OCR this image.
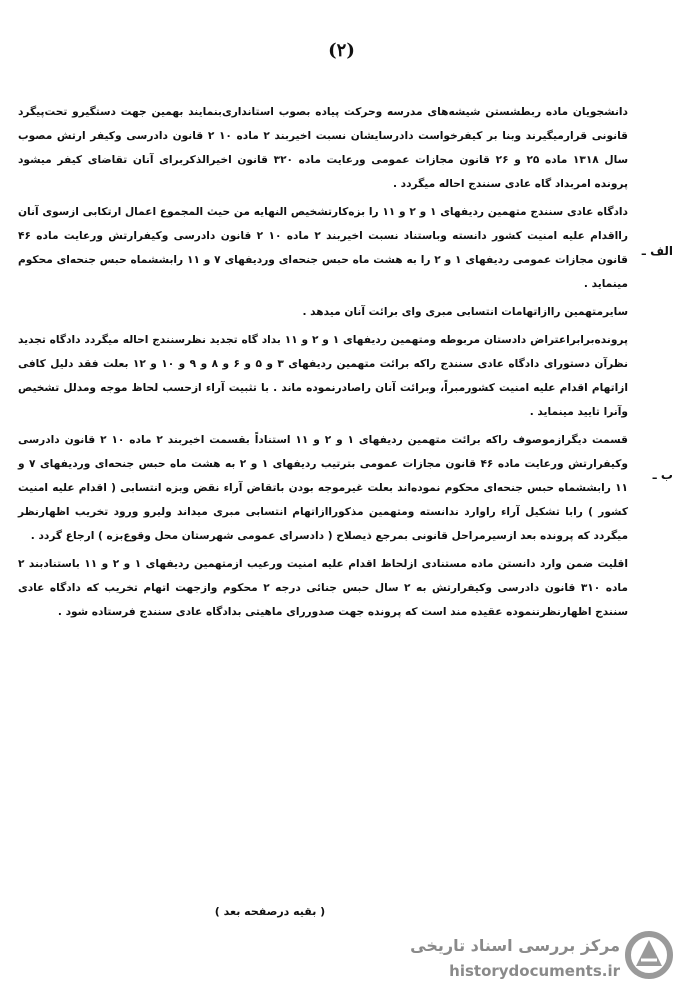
(۲)
الف ـ
ب ـ

دانشجویان ماده ربطشستن شیشه‌های مدرسه وحرکت پیاده بصوب استانداری‌بنمایند بهمین جهت دستگیرو تحت‌پیگرد قانونی قرارمیگیرند وبنا بر کیفرخواست دادرسایشان نسبت اخیربند ۲ ماده ۱۰ ۲ قانون دادرسی وکیفر ارتش مصوب سال ۱۳۱۸ ماده ۲۵ و ۲۶ قانون مجازات عمومی ورعایت ماده ۳۲۰ قانون اخیرالذکربرای آنان تقاضای کیفر میشود پرونده امربداد گاه عادی سنندج احاله میگردد .

دادگاه عادی سنندج متهمین ردیفهای ۱ و ۲ و ۱۱ را بزه‌کارتشخیص النهایه من حیث المجموع اعمال ارتکابی ازسوی آنان رااقدام علیه امنیت کشور دانسته وباستناد نسبت اخیربند ۲ ماده ۱۰ ۲ قانون دادرسی وکیفرارتش ورعایت ماده ۴۶ قانون مجازات عمومی ردیفهای ۱ و ۲ را به هشت ماه حبس جنحه‌ای وردیفهای ۷ و ۱۱ رابششماه حبس جنحه‌ای محکوم مینماید .

سایرمتهمین راازاتهامات انتسابی مبری وای برائت آنان میدهد .

پرونده‌برابراعتراض دادستان مربوطه ومتهمین ردیفهای ۱ و ۲ و ۱۱ بداد گاه تجدید نظرسنندج احاله میگردد دادگاه تجدید نظرآن دستورای دادگاه عادی سنندج راکه برائت متهمین ردیفهای ۳ و ۵ و ۶ و ۸ و ۹ و ۱۰ و ۱۲ بعلت فقد دلیل کافی ازاتهام اقدام علیه امنیت کشورمبراً، وبرائت آنان راصادرنموده ماند . با تثبیت آراء ازحسب لحاظ موجه ومدلل تشخیص وآنرا تایید مینماید .

قسمت دیگرازموصوف راکه برائت متهمین ردیفهای ۱ و ۲ و ۱۱ استناداً بقسمت اخیربند ۲ ماده ۱۰ ۲ قانون دادرسی وکیفرارتش ورعایت ماده ۴۶ قانون مجازات عمومی بترتیب ردیفهای ۱ و ۲ به هشت ماه حبس جنحه‌ای وردیفهای ۷ و ۱۱ رابششماه حبس جنحه‌ای محکوم نموده‌اند بعلت غیرموجه بودن باتقاض آراء نقض وبزه انتسابی ( اقدام علیه امنیت کشور ) رابا تشکیل آراء راوارد ندانسته ومتهمین مذکوراازاتهام انتسابی مبری میداند ولیرو ورود تخریب اظهارنظر میگردد که پرونده بعد ازسیرمراحل قانونی بمرجع ذیصلاح ( دادسرای عمومی شهرستان محل وقوع‌بزه ) ارجاع گردد .

اقلیت ضمن وارد دانستن ماده مستنادی ازلحاظ اقدام علیه امنیت ورعیب ازمتهمین ردیفهای ۱ و ۲ و ۱۱ باستنادبند ۲ ماده ۳۱۰ قانون دادرسی وکیفرارتش به ۲ سال حبس جنائی درجه ۲ محکوم وازجهت اتهام تخریب که دادگاه عادی سنندج اظهارنظرننموده عقیده مند است که پرونده جهت صدوررای ماهیتی بدادگاه عادی سنندج فرستاده شود .

( بقیه درصفحه بعد )
مرکز بررسی اسناد تاریخی
historydocuments.ir
